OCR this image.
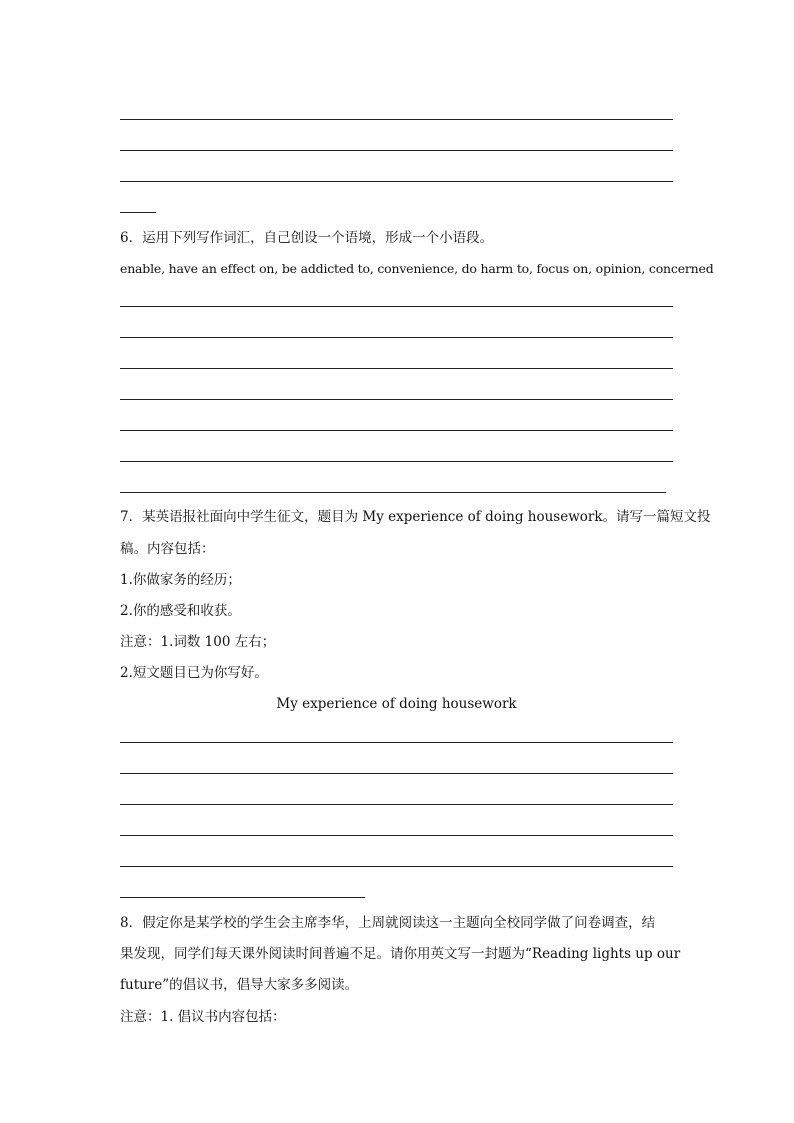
6．运用下列写作词汇，自己创设一个语境，形成一个小语段。
enable, have an effect on, be addicted to, convenience, do harm to, focus on, opinion, concerned
7．某英语报社面向中学生征文，题目为 My experience of doing housework。请写一篇短文投
稿。内容包括：
1.你做家务的经历；
2.你的感受和收获。
注意：1.词数 100 左右；
2.短文题目已为你写好。
My experience of doing housework
8．假定你是某学校的学生会主席李华，上周就阅读这一主题向全校同学做了问卷调查，结
果发现，同学们每天课外阅读时间普遍不足。请你用英文写一封题为“Reading lights up our
future”的倡议书，倡导大家多多阅读。
注意：1. 倡议书内容包括：
